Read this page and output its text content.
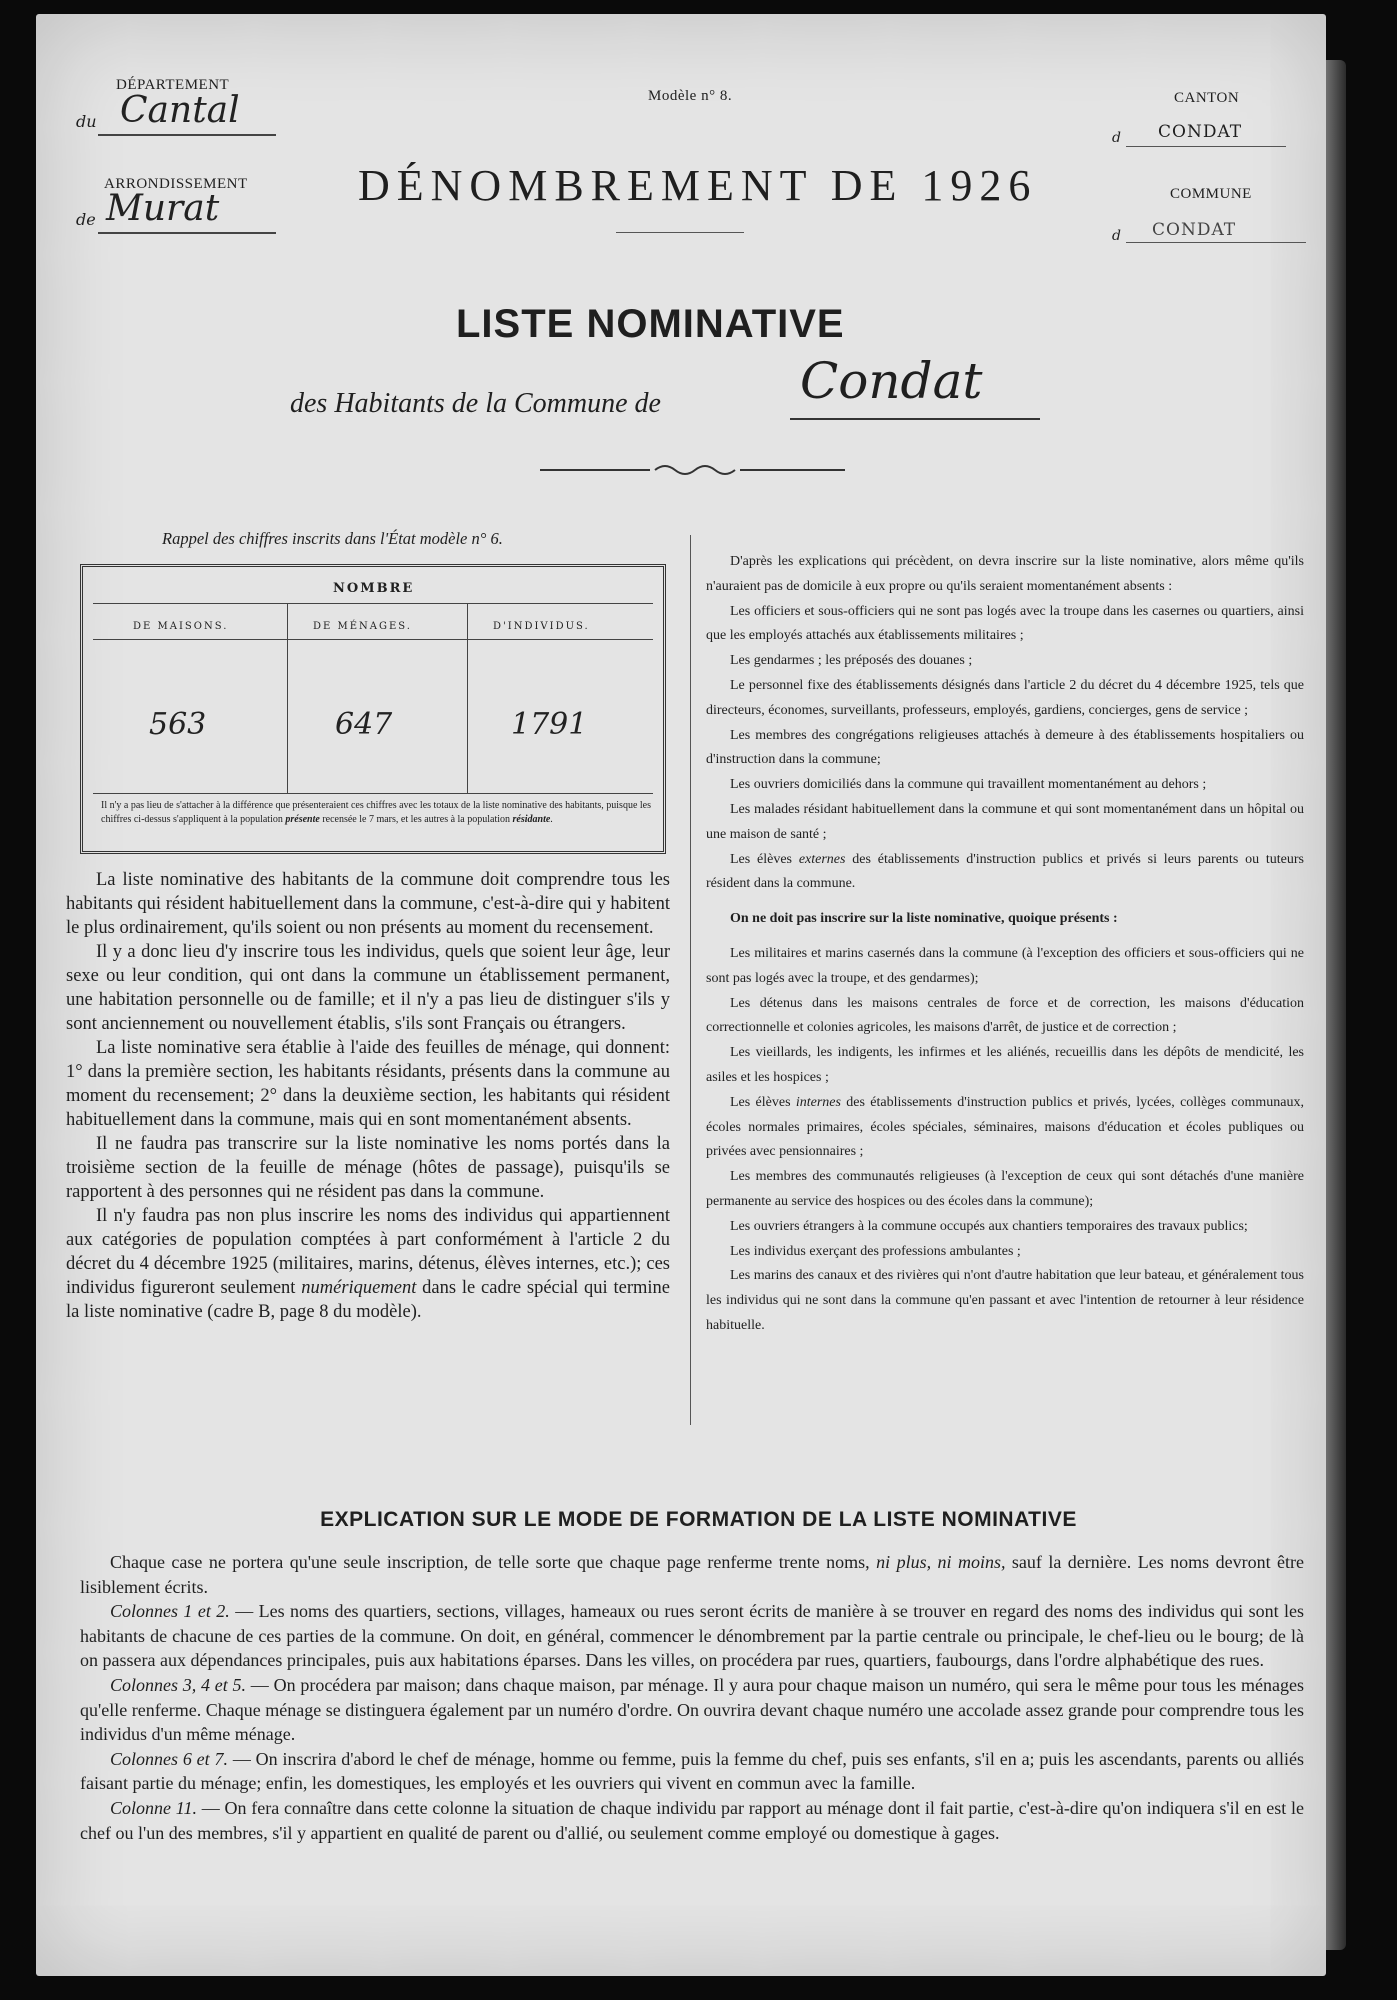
DÉPARTEMENT
du Cantal
ARRONDISSEMENT
de Murat
Modèle n° 8.
DÉNOMBREMENT DE 1926
CANTON
d CONDAT
COMMUNE
d CONDAT
LISTE NOMINATIVE
des Habitants de la Commune de	Condat
Rappel des chiffres inscrits dans l'État modèle n° 6.
NOMBRE
DE MAISONS.	DE MÉNAGES.	D'INDIVIDUS.
563	647	1791
Il n'y a pas lieu de s'attacher à la différence que présenteraient ces chiffres avec les totaux de la liste nominative des habitants, puisque les chiffres ci-dessus s'appliquent à la population présente recensée le 7 mars, et les autres à la population résidante.

La liste nominative des habitants de la commune doit comprendre tous les habitants qui résident habituellement dans la commune, c'est-à-dire qui y habitent le plus ordinairement, qu'ils soient ou non présents au moment du recensement.

Il y a donc lieu d'y inscrire tous les individus, quels que soient leur âge, leur sexe ou leur condition, qui ont dans la commune un établissement permanent, une habitation personnelle ou de famille; et il n'y a pas lieu de distinguer s'ils y sont anciennement ou nouvellement établis, s'ils sont Français ou étrangers.

La liste nominative sera établie à l'aide des feuilles de ménage, qui donnent: 1° dans la première section, les habitants résidants, présents dans la commune au moment du recensement; 2° dans la deuxième section, les habitants qui résident habituellement dans la commune, mais qui en sont momentanément absents.

Il ne faudra pas transcrire sur la liste nominative les noms portés dans la troisième section de la feuille de ménage (hôtes de passage), puisqu'ils se rapportent à des personnes qui ne résident pas dans la commune.

Il n'y faudra pas non plus inscrire les noms des individus qui appartiennent aux catégories de population comptées à part conformément à l'article 2 du décret du 4 décembre 1925 (militaires, marins, détenus, élèves internes, etc.); ces individus figureront seulement numériquement dans le cadre spécial qui termine la liste nominative (cadre B, page 8 du modèle).

D'après les explications qui précèdent, on devra inscrire sur la liste nominative, alors même qu'ils n'auraient pas de domicile à eux propre ou qu'ils seraient momentanément absents :

Les officiers et sous-officiers qui ne sont pas logés avec la troupe dans les casernes ou quartiers, ainsi que les employés attachés aux établissements militaires ;

Les gendarmes ; les préposés des douanes ;

Le personnel fixe des établissements désignés dans l'article 2 du décret du 4 décembre 1925, tels que directeurs, économes, surveillants, professeurs, employés, gardiens, concierges, gens de service ;

Les membres des congrégations religieuses attachés à demeure à des établissements hospitaliers ou d'instruction dans la commune;

Les ouvriers domiciliés dans la commune qui travaillent momentanément au dehors ;

Les malades résidant habituellement dans la commune et qui sont momentanément dans un hôpital ou une maison de santé ;

Les élèves externes des établissements d'instruction publics et privés si leurs parents ou tuteurs résident dans la commune.

On ne doit pas inscrire sur la liste nominative, quoique présents :

Les militaires et marins casernés dans la commune (à l'exception des officiers et sous-officiers qui ne sont pas logés avec la troupe, et des gendarmes);

Les détenus dans les maisons centrales de force et de correction, les maisons d'éducation correctionnelle et colonies agricoles, les maisons d'arrêt, de justice et de correction ;

Les vieillards, les indigents, les infirmes et les aliénés, recueillis dans les dépôts de mendicité, les asiles et les hospices ;

Les élèves internes des établissements d'instruction publics et privés, lycées, collèges communaux, écoles normales primaires, écoles spéciales, séminaires, maisons d'éducation et écoles publiques ou privées avec pensionnaires ;

Les membres des communautés religieuses (à l'exception de ceux qui sont détachés d'une manière permanente au service des hospices ou des écoles dans la commune);

Les ouvriers étrangers à la commune occupés aux chantiers temporaires des travaux publics;

Les individus exerçant des professions ambulantes ;

Les marins des canaux et des rivières qui n'ont d'autre habitation que leur bateau, et généralement tous les individus qui ne sont dans la commune qu'en passant et avec l'intention de retourner à leur résidence habituelle.

EXPLICATION SUR LE MODE DE FORMATION DE LA LISTE NOMINATIVE

Chaque case ne portera qu'une seule inscription, de telle sorte que chaque page renferme trente noms, ni plus, ni moins, sauf la dernière. Les noms devront être lisiblement écrits.

Colonnes 1 et 2. — Les noms des quartiers, sections, villages, hameaux ou rues seront écrits de manière à se trouver en regard des noms des individus qui sont les habitants de chacune de ces parties de la commune. On doit, en général, commencer le dénombrement par la partie centrale ou principale, le chef-lieu ou le bourg; de là on passera aux dépendances principales, puis aux habitations éparses. Dans les villes, on procédera par rues, quartiers, faubourgs, dans l'ordre alphabétique des rues.

Colonnes 3, 4 et 5. — On procédera par maison; dans chaque maison, par ménage. Il y aura pour chaque maison un numéro, qui sera le même pour tous les ménages qu'elle renferme. Chaque ménage se distinguera également par un numéro d'ordre. On ouvrira devant chaque numéro une accolade assez grande pour comprendre tous les individus d'un même ménage.

Colonnes 6 et 7. — On inscrira d'abord le chef de ménage, homme ou femme, puis la femme du chef, puis ses enfants, s'il en a; puis les ascendants, parents ou alliés faisant partie du ménage; enfin, les domestiques, les employés et les ouvriers qui vivent en commun avec la famille.

Colonne 11. — On fera connaître dans cette colonne la situation de chaque individu par rapport au ménage dont il fait partie, c'est-à-dire qu'on indiquera s'il en est le chef ou l'un des membres, s'il y appartient en qualité de parent ou d'allié, ou seulement comme employé ou domestique à gages.
